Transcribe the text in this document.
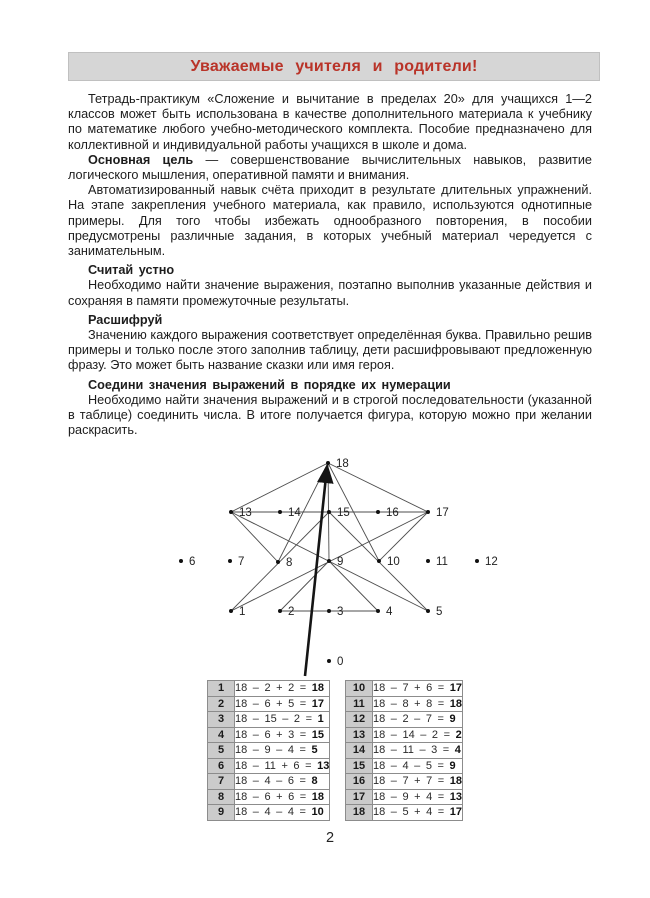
Уважаемые учителя и родители!
Тетрадь-практикум «Сложение и вычитание в пределах 20» для учащихся 1—2 классов может быть использована в качестве дополнительного материала к учебнику по математике любого учебно-методического комплекта. Пособие предназначено для коллективной и индивидуальной работы учащихся в школе и дома.
Основная цель — совершенствование вычислительных навыков, развитие логического мышления, оперативной памяти и внимания.
Автоматизированный навык счёта приходит в результате длительных упражнений. На этапе закрепления учебного материала, как правило, используются однотипные примеры. Для того чтобы избежать однообразного повторения, в пособии предусмотрены различные задания, в которых учебный материал чередуется с занимательным.
Считай устно
Необходимо найти значение выражения, поэтапно выполнив указанные действия и сохраняя в памяти промежуточные результаты.
Расшифруй
Значению каждого выражения соответствует определённая буква. Правильно решив примеры и только после этого заполнив таблицу, дети расшифровывают предложенную фразу. Это может быть название сказки или имя героя.
Соедини значения выражений в порядке их нумерации
Необходимо найти значения выражений и в строгой последовательности (указанной в таблице) соединить числа. В итоге получается фигура, которую можно при желании раскрасить.
0
1	2	3	4	5
6	7	8	9	10	11	12
13	14	15	16	17
18
1	18 – 2 + 2 = 18
2	18 – 6 + 5 = 17
3	18 – 15 – 2 = 1
4	18 – 6 + 3 = 15
5	18 – 9 – 4 = 5
6	18 – 11 + 6 = 13
7	18 – 4 – 6 = 8
8	18 – 6 + 6 = 18
9	18 – 4 – 4 = 10
10	18 – 7 + 6 = 17
11	18 – 8 + 8 = 18
12	18 – 2 – 7 = 9
13	18 – 14 – 2 = 2
14	18 – 11 – 3 = 4
15	18 – 4 – 5 = 9
16	18 – 7 + 7 = 18
17	18 – 9 + 4 = 13
18	18 – 5 + 4 = 17
2
